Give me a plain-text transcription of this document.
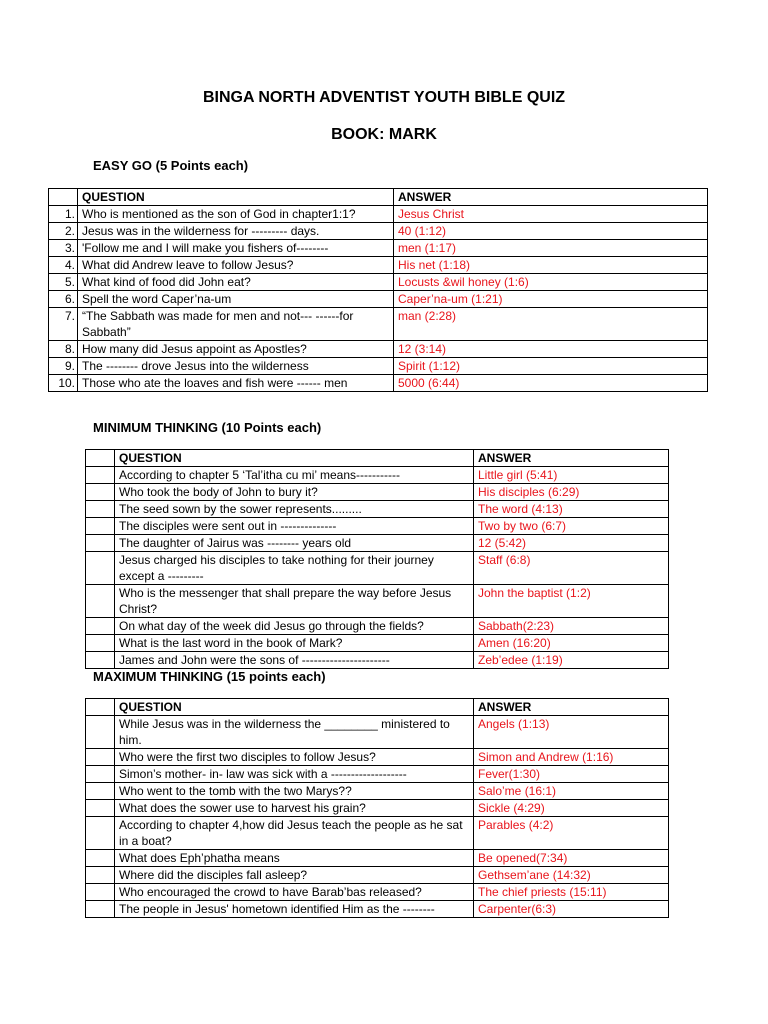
BINGA NORTH ADVENTIST YOUTH BIBLE QUIZ
BOOK: MARK
EASY GO (5 Points each)
	QUESTION	ANSWER
1.	Who is mentioned as the son of God in chapter1:1?	Jesus Christ
2.	Jesus was in the wilderness for --------- days.	40 (1:12)
3.	'Follow me and I will make you fishers of--------	men (1:17)
4.	What did Andrew leave to follow Jesus?	His net (1:18)
5.	What kind of food did John eat?	Locusts &wil honey (1:6)
6.	Spell the word Caper’na-um	Caper’na-um (1:21)
7.	“The Sabbath was made for men and not--- ------for Sabbath”	man (2:28)
8.	How many did Jesus appoint as Apostles?	12 (3:14)
9.	The -------- drove Jesus into the wilderness	Spirit (1:12)
10.	Those who ate the loaves and fish were ------ men	5000 (6:44)
MINIMUM THINKING (10 Points each)
	QUESTION	ANSWER
	According to chapter 5 ‘Tal’itha cu mi’ means-----------	Little girl (5:41)
	Who took the body of John to bury it?	His disciples (6:29)
	The seed sown by the sower represents.........	The word (4:13)
	The disciples were sent out in --------------	Two by two (6:7)
	The daughter of Jairus was -------- years old	12 (5:42)
	Jesus charged his disciples to take nothing for their journey except a ---------	Staff (6:8)
	Who is the messenger that shall prepare the way before Jesus Christ?	John the baptist (1:2)
	On what day of the week did Jesus go through the fields?	Sabbath(2:23)
	What is the last word in the book of Mark?	Amen (16:20)
	James and John were the sons of ----------------------	Zeb’edee (1:19)
MAXIMUM THINKING (15 points each)
	QUESTION	ANSWER
	While Jesus was in the wilderness the ________ ministered to him.	Angels (1:13)
	Who were the first two disciples to follow Jesus?	Simon and Andrew (1:16)
	Simon’s mother- in- law was sick with a -------------------	Fever(1:30)
	Who went to the tomb with the two Marys??	Salo’me (16:1)
	What does the sower use to harvest his grain?	Sickle (4:29)
	According to chapter 4,how did Jesus teach the people as he sat in a boat?	Parables (4:2)
	What does Eph’phatha means	Be opened(7:34)
	Where did the disciples fall asleep?	Gethsem’ane (14:32)
	Who encouraged the crowd to have Barab’bas released?	The chief priests (15:11)
	The people in Jesus' hometown identified Him as the --------	Carpenter(6:3)
